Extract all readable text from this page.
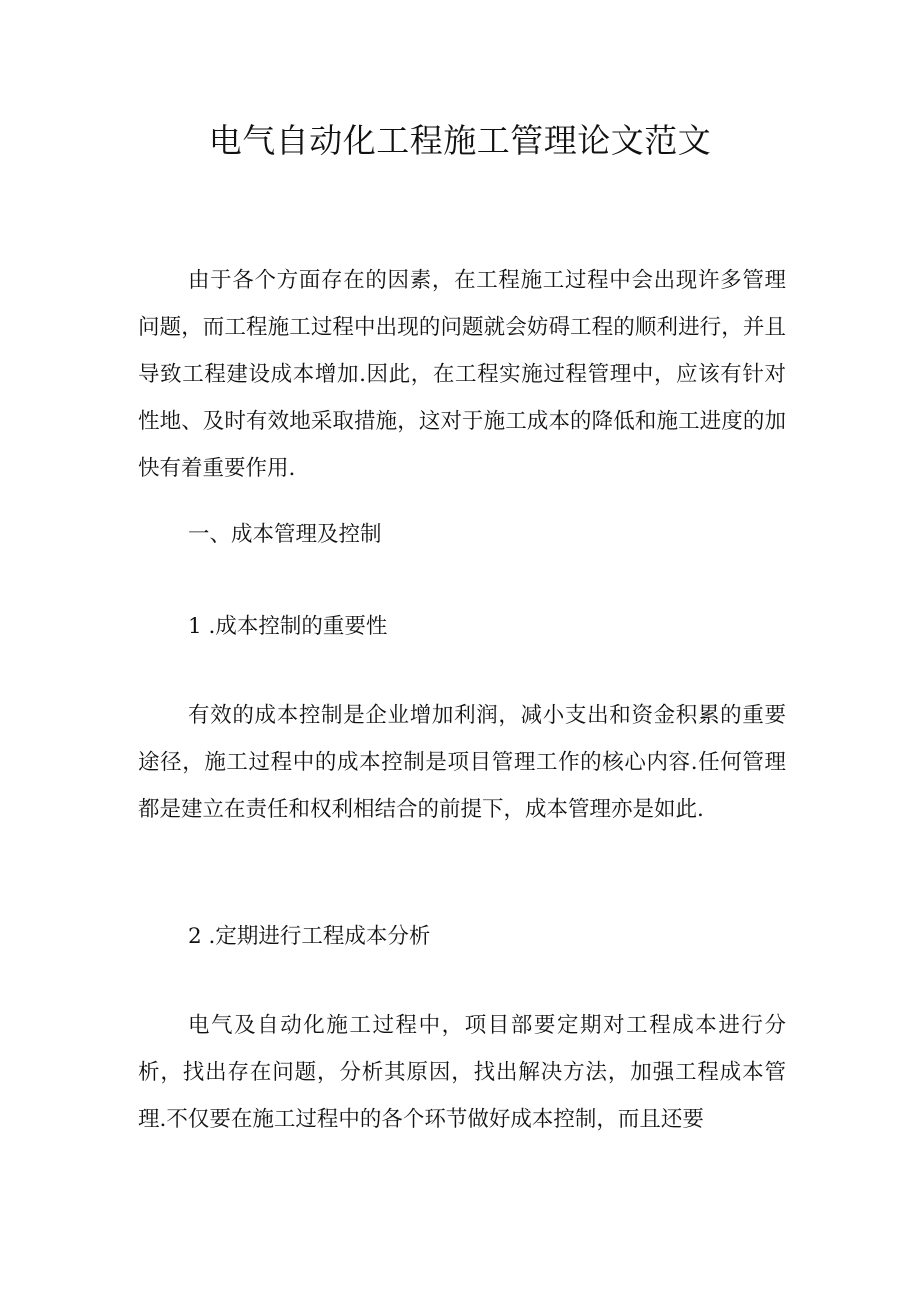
电气自动化工程施工管理论文范文

由于各个方面存在的因素，在工程施工过程中会出现许多管理问题，而工程施工过程中出现的问题就会妨碍工程的顺利进行，并且导致工程建设成本增加.因此，在工程实施过程管理中，应该有针对性地、及时有效地采取措施，这对于施工成本的降低和施工进度的加快有着重要作用.

一、成本管理及控制
1 .成本控制的重要性

有效的成本控制是企业增加利润，减小支出和资金积累的重要途径，施工过程中的成本控制是项目管理工作的核心内容.任何管理都是建立在责任和权利相结合的前提下，成本管理亦是如此.

2 .定期进行工程成本分析

电气及自动化施工过程中，项目部要定期对工程成本进行分析，找出存在问题，分析其原因，找出解决方法，加强工程成本管理.不仅要在施工过程中的各个环节做好成本控制，而且还要
